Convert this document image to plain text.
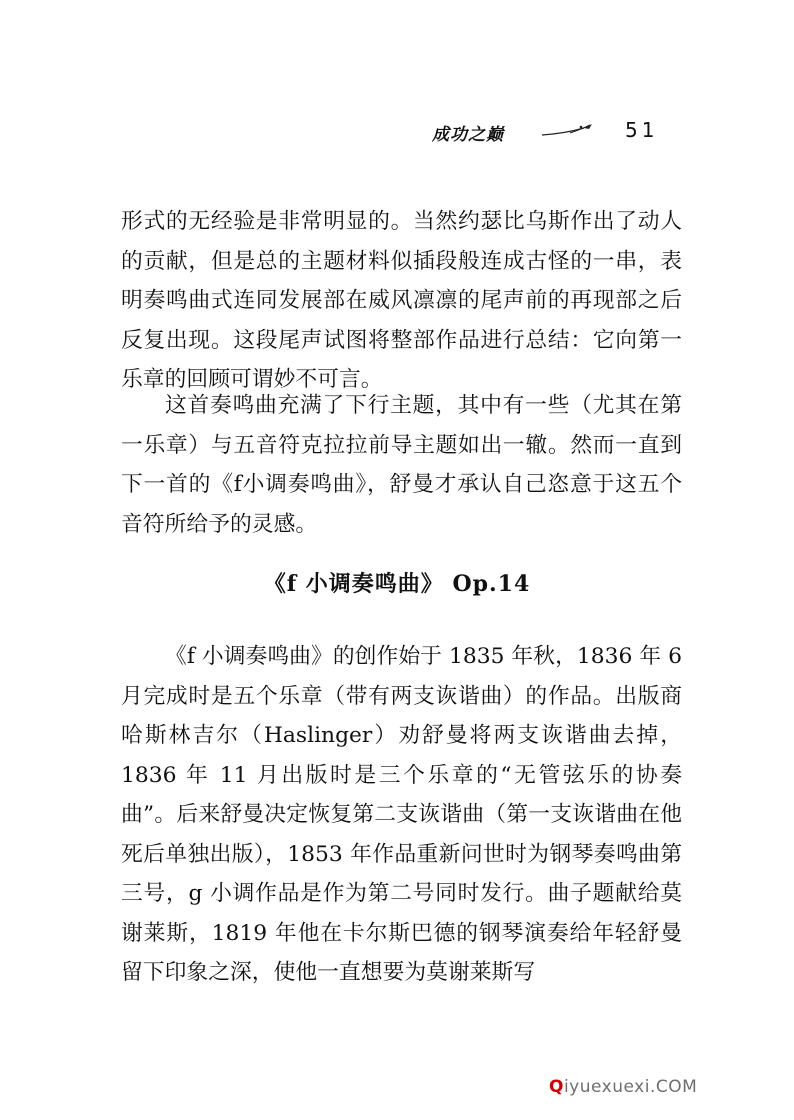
成功之巅	51

形式的无经验是非常明显的。当然约瑟比乌斯作出了动人的贡献，但是总的主题材料似插段般连成古怪的一串，表明奏鸣曲式连同发展部在威风凛凛的尾声前的再现部之后反复出现。这段尾声试图将整部作品进行总结：它向第一乐章的回顾可谓妙不可言。

这首奏鸣曲充满了下行主题，其中有一些（尤其在第一乐章）与五音符克拉拉前导主题如出一辙。然而一直到下一首的《f小调奏鸣曲》，舒曼才承认自己恣意于这五个音符所给予的灵感。

《f 小调奏鸣曲》 Op.14

《f 小调奏鸣曲》的创作始于 1835 年秋，1836 年 6 月完成时是五个乐章（带有两支诙谐曲）的作品。出版商哈斯林吉尔（Haslinger）劝舒曼将两支诙谐曲去掉，1836 年 11 月出版时是三个乐章的“无管弦乐的协奏曲”。后来舒曼决定恢复第二支诙谐曲（第一支诙谐曲在他死后单独出版），1853 年作品重新问世时为钢琴奏鸣曲第三号，g 小调作品是作为第二号同时发行。曲子题献给莫谢莱斯，1819 年他在卡尔斯巴德的钢琴演奏给年轻舒曼留下印象之深，使他一直想要为莫谢莱斯写

Qiyuexuexi.COM
